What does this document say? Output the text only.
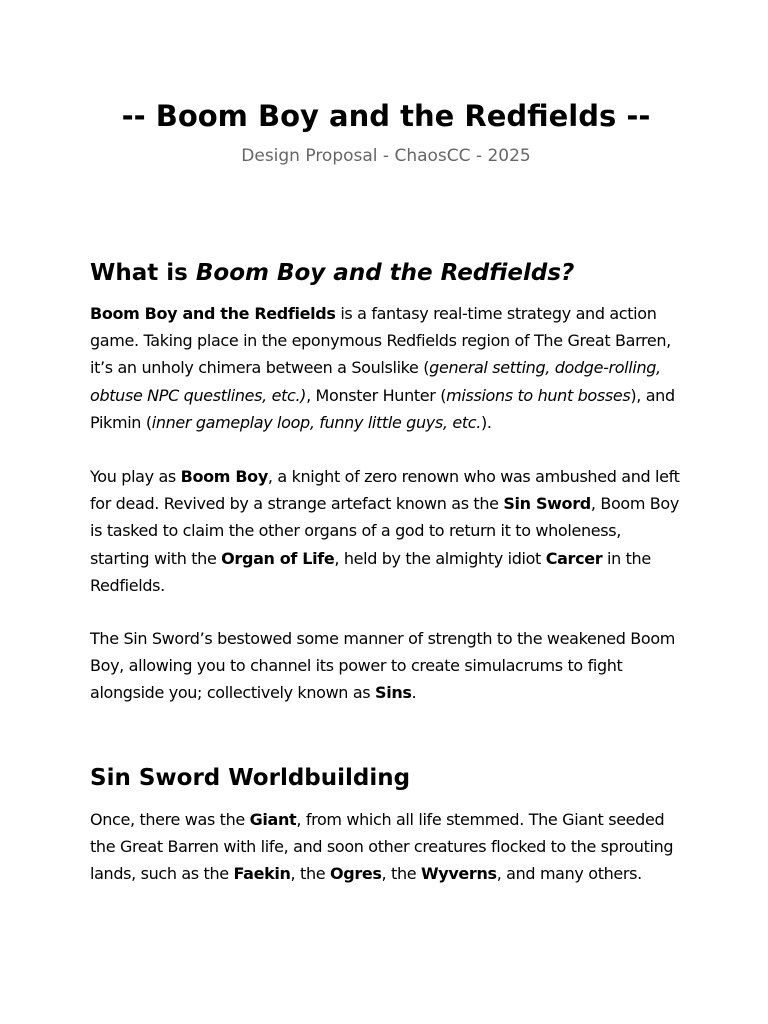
-- Boom Boy and the Redfields --
Design Proposal - ChaosCC - 2025
What is Boom Boy and the Redfields?

Boom Boy and the Redfields is a fantasy real-time strategy and action game. Taking place in the eponymous Redfields region of The Great Barren, it’s an unholy chimera between a Soulslike (general setting, dodge-rolling, obtuse NPC questlines, etc.), Monster Hunter (missions to hunt bosses), and Pikmin (inner gameplay loop, funny little guys, etc.).

You play as Boom Boy, a knight of zero renown who was ambushed and left for dead. Revived by a strange artefact known as the Sin Sword, Boom Boy is tasked to claim the other organs of a god to return it to wholeness, starting with the Organ of Life, held by the almighty idiot Carcer in the Redfields.

The Sin Sword’s bestowed some manner of strength to the weakened Boom Boy, allowing you to channel its power to create simulacrums to fight alongside you; collectively known as Sins.

Sin Sword Worldbuilding

Once, there was the Giant, from which all life stemmed. The Giant seeded the Great Barren with life, and soon other creatures flocked to the sprouting lands, such as the Faekin, the Ogres, the Wyverns, and many others.
